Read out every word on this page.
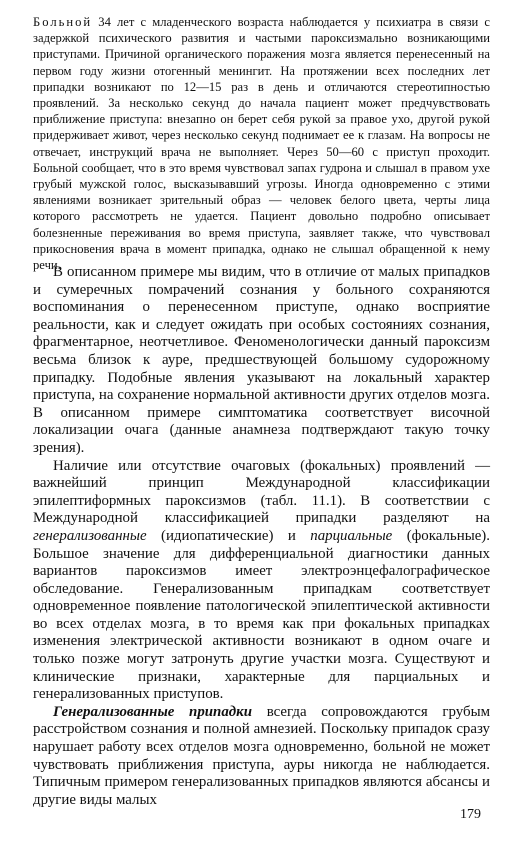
Больной 34 лет с младенческого возраста наблюдается у психиатра в связи с задержкой психического развития и частыми пароксизмально возникающими приступами. Причиной органического поражения мозга является перенесенный на первом году жизни отогенный менингит. На протяжении всех последних лет припадки возникают по 12—15 раз в день и отличаются стереотипностью проявлений. За несколько секунд до начала пациент может предчувствовать приближение приступа: внезапно он берет себя рукой за правое ухо, другой рукой придерживает живот, через несколько секунд поднимает ее к глазам. На вопросы не отвечает, инструкций врача не выполняет. Через 50—60 с приступ проходит. Больной сообщает, что в это время чувствовал запах гудрона и слышал в правом ухе грубый мужской голос, высказывавший угрозы. Иногда одновременно с этими явлениями возникает зрительный образ — человек белого цвета, черты лица которого рассмотреть не удается. Пациент довольно подробно описывает болезненные переживания во время приступа, заявляет также, что чувствовал прикосновения врача в момент припадка, однако не слышал обращенной к нему речи.

В описанном примере мы видим, что в отличие от малых припадков и сумеречных помрачений сознания у больного сохраняются воспоминания о перенесенном приступе, однако восприятие реальности, как и следует ожидать при особых состояниях сознания, фрагментарное, неотчетливое. Феноменологически данный пароксизм весьма близок к ауре, предшествующей большому судорожному припадку. Подобные явления указывают на локальный характер приступа, на сохранение нормальной активности других отделов мозга. В описанном примере симптоматика соответствует височной локализации очага (данные анамнеза подтверждают такую точку зрения).

Наличие или отсутствие очаговых (фокальных) проявлений — важнейший принцип Международной классификации эпилептиформных пароксизмов (табл. 11.1). В соответствии с Международной классификацией припадки разделяют на генерализованные (идиопатические) и парциальные (фокальные). Большое значение для дифференциальной диагностики данных вариантов пароксизмов имеет электроэнцефалографическое обследование. Генерализованным припадкам соответствует одновременное появление патологической эпилептической активности во всех отделах мозга, в то время как при фокальных припадках изменения электрической активности возникают в одном очаге и только позже могут затронуть другие участки мозга. Существуют и клинические признаки, характерные для парциальных и генерализованных приступов.

Генерализованные припадки всегда сопровождаются грубым расстройством сознания и полной амнезией. Поскольку припадок сразу нарушает работу всех отделов мозга одновременно, больной не может чувствовать приближения приступа, ауры никогда не наблюдается. Типичным примером генерализованных припадков являются абсансы и другие виды малых

179
